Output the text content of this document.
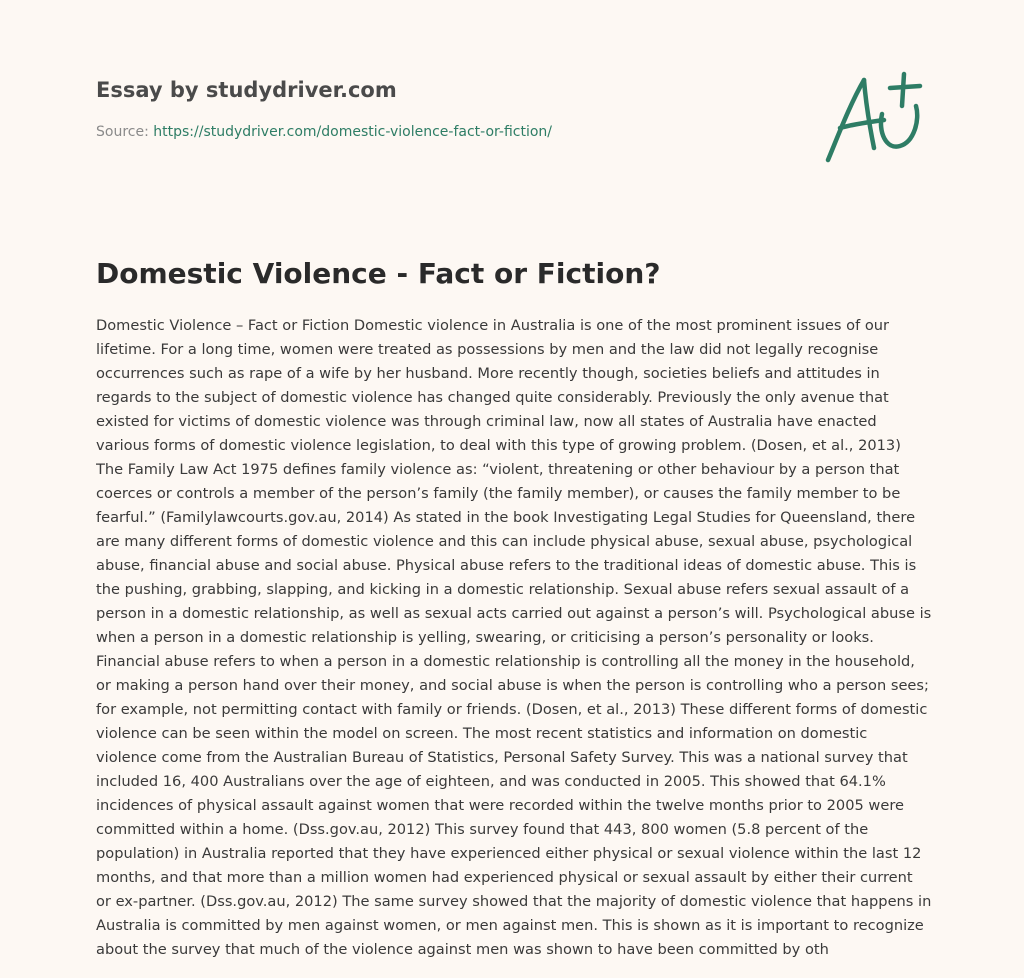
Essay by studydriver.com

Source: https://studydriver.com/domestic-violence-fact-or-fiction/
Domestic Violence - Fact or Fiction?

Domestic Violence – Fact or Fiction Domestic violence in Australia is one of the most prominent issues of our lifetime. For a long time, women were treated as possessions by men and the law did not legally recognise occurrences such as rape of a wife by her husband. More recently though, societies beliefs and attitudes in regards to the subject of domestic violence has changed quite considerably. Previously the only avenue that existed for victims of domestic violence was through criminal law, now all states of Australia have enacted various forms of domestic violence legislation, to deal with this type of growing problem. (Dosen, et al., 2013) The Family Law Act 1975 defines family violence as: “violent, threatening or other behaviour by a person that coerces or controls a member of the person’s family (the family member), or causes the family member to be fearful.” (Familylawcourts.gov.au, 2014) As stated in the book Investigating Legal Studies for Queensland, there are many different forms of domestic violence and this can include physical abuse, sexual abuse, psychological abuse, financial abuse and social abuse. Physical abuse refers to the traditional ideas of domestic abuse. This is the pushing, grabbing, slapping, and kicking in a domestic relationship. Sexual abuse refers sexual assault of a person in a domestic relationship, as well as sexual acts carried out against a person’s will. Psychological abuse is when a person in a domestic relationship is yelling, swearing, or criticising a person’s personality or looks. Financial abuse refers to when a person in a domestic relationship is controlling all the money in the household, or making a person hand over their money, and social abuse is when the person is controlling who a person sees; for example, not permitting contact with family or friends. (Dosen, et al., 2013) These different forms of domestic violence can be seen within the model on screen. The most recent statistics and information on domestic violence come from the Australian Bureau of Statistics, Personal Safety Survey. This was a national survey that included 16, 400 Australians over the age of eighteen, and was conducted in 2005. This showed that 64.1% incidences of physical assault against women that were recorded within the twelve months prior to 2005 were committed within a home. (Dss.gov.au, 2012) This survey found that 443, 800 women (5.8 percent of the population) in Australia reported that they have experienced either physical or sexual violence within the last 12 months, and that more than a million women had experienced physical or sexual assault by either their current or ex-partner. (Dss.gov.au, 2012) The same survey showed that the majority of domestic violence that happens in Australia is committed by men against women, or men against men. This is shown as it is important to recognize about the survey that much of the violence against men was shown to have been committed by oth
